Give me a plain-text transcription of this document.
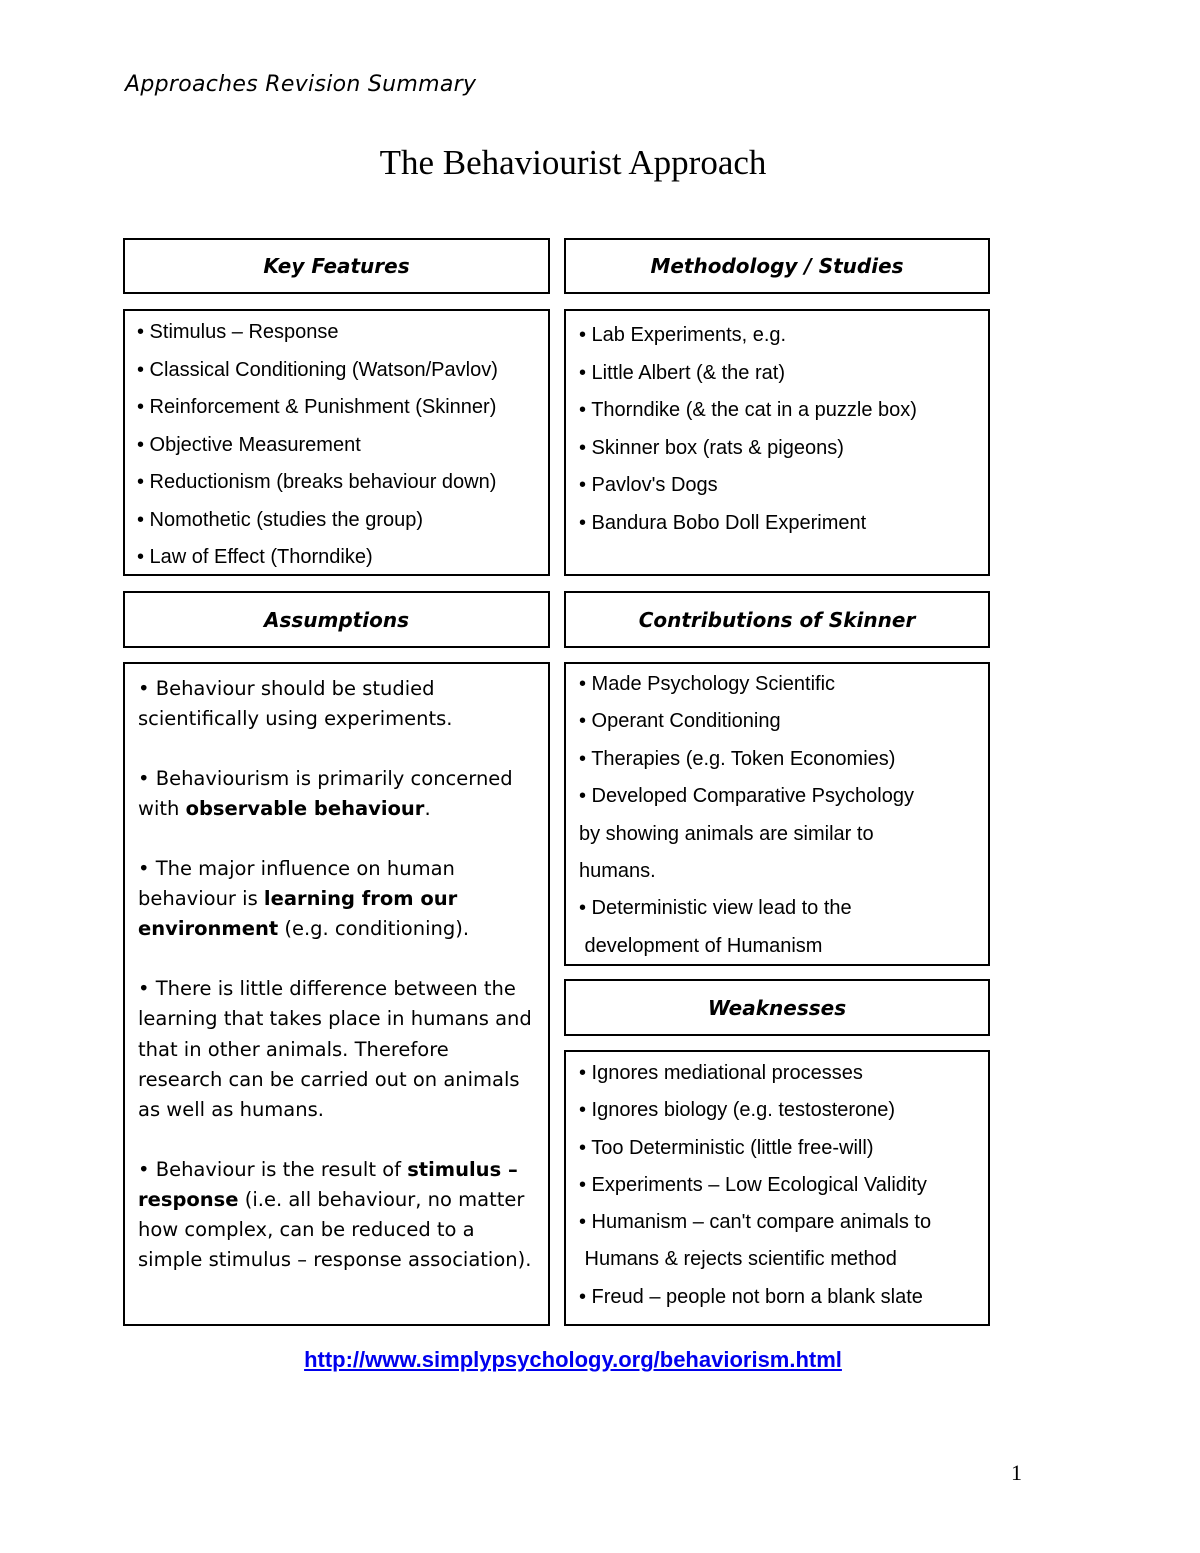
Approaches Revision Summary
The Behaviourist Approach
Key Features
• Stimulus – Response
• Classical Conditioning (Watson/Pavlov)
• Reinforcement & Punishment (Skinner)
• Objective Measurement
• Reductionism (breaks behaviour down)
• Nomothetic (studies the group)
• Law of Effect (Thorndike)
Methodology / Studies
• Lab Experiments, e.g.
• Little Albert (& the rat)
• Thorndike (& the cat in a puzzle box)
• Skinner box (rats & pigeons)
• Pavlov's Dogs
• Bandura Bobo Doll Experiment
Assumptions

• Behaviour should be studied scientifically using experiments.

• Behaviourism is primarily concerned with observable behaviour.

• The major influence on human behaviour is learning from our environment (e.g. conditioning).

• There is little difference between the learning that takes place in humans and that in other animals. Therefore research can be carried out on animals as well as humans.

• Behaviour is the result of stimulus – response (i.e. all behaviour, no matter how complex, can be reduced to a simple stimulus – response association).

Contributions of Skinner
• Made Psychology Scientific
• Operant Conditioning
• Therapies (e.g. Token Economies)
• Developed Comparative Psychology
by showing animals are similar to
humans.
• Deterministic view lead to the
development of Humanism
Weaknesses
• Ignores mediational processes
• Ignores biology (e.g. testosterone)
• Too Deterministic (little free-will)
• Experiments – Low Ecological Validity
• Humanism – can't compare animals to
Humans & rejects scientific method
• Freud – people not born a blank slate
http://www.simplypsychology.org/behaviorism.html
1
